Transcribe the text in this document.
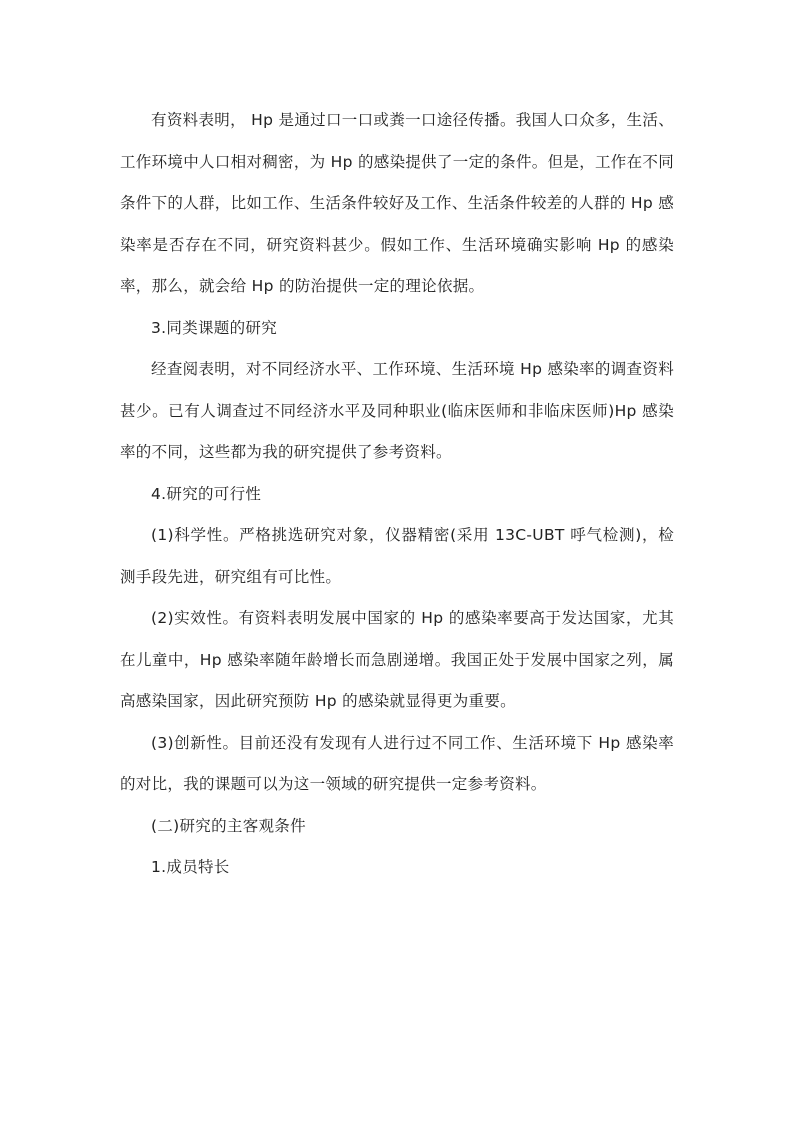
有资料表明， Hp 是通过口一口或粪一口途径传播。我国人口众多，生活、工作环境中人口相对稠密，为 Hp 的感染提供了一定的条件。但是，工作在不同条件下的人群，比如工作、生活条件较好及工作、生活条件较差的人群的 Hp 感染率是否存在不同，研究资料甚少。假如工作、生活环境确实影响 Hp 的感染率，那么，就会给 Hp 的防治提供一定的理论依据。

3.同类课题的研究

经查阅表明，对不同经济水平、工作环境、生活环境 Hp 感染率的调查资料甚少。已有人调查过不同经济水平及同种职业(临床医师和非临床医师)Hp 感染率的不同，这些都为我的研究提供了参考资料。

4.研究的可行性

(1)科学性。严格挑选研究对象，仪器精密(采用 13C-UBT 呼气检测)，检测手段先进，研究组有可比性。

(2)实效性。有资料表明发展中国家的 Hp 的感染率要高于发达国家，尤其在儿童中，Hp 感染率随年龄增长而急剧递增。我国正处于发展中国家之列，属高感染国家，因此研究预防 Hp 的感染就显得更为重要。

(3)创新性。目前还没有发现有人进行过不同工作、生活环境下 Hp 感染率的对比，我的课题可以为这一领域的研究提供一定参考资料。

(二)研究的主客观条件

1.成员特长
